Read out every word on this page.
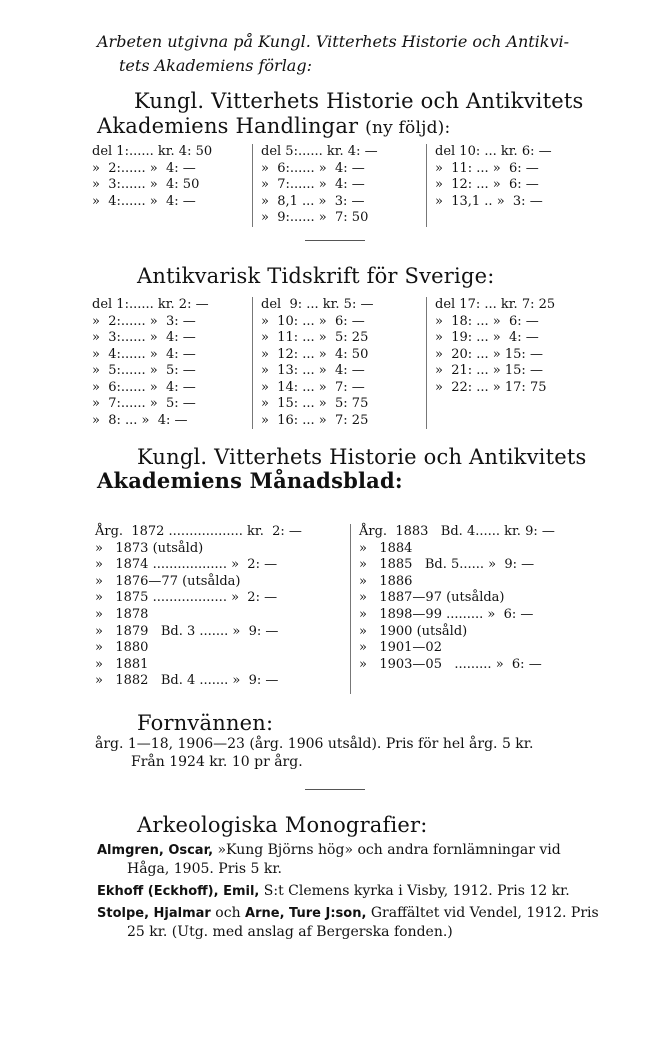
Arbeten utgivna på Kungl. Vitterhets Historie och Antikvi-
tets Akademiens förlag:
Kungl. Vitterhets Historie och Antikvitets
Akademiens Handlingar (ny följd):
del 1:...... kr. 4: 50
»  2:...... »  4: —
»  3:...... »  4: 50
»  4:...... »  4: —
del 5:...... kr. 4: —
»  6:...... »  4: —
»  7:...... »  4: —
»  8,1 ... »  3: —
»  9:...... »  7: 50
del 10: ... kr. 6: —
»  11: ... »  6: —
»  12: ... »  6: —
»  13,1 .. »  3: —
Antikvarisk Tidskrift för Sverige:
del 1:...... kr. 2: —
»  2:...... »  3: —
»  3:...... »  4: —
»  4:...... »  4: —
»  5:...... »  5: —
»  6:...... »  4: —
»  7:...... »  5: —
»  8: ... »  4: —
del  9: ... kr. 5: —
»  10: ... »  6: —
»  11: ... »  5: 25
»  12: ... »  4: 50
»  13: ... »  4: —
»  14: ... »  7: —
»  15: ... »  5: 75
»  16: ... »  7: 25
del 17: ... kr. 7: 25
»  18: ... »  6: —
»  19: ... »  4: —
»  20: ... » 15: —
»  21: ... » 15: —
»  22: ... » 17: 75
Kungl. Vitterhets Historie och Antikvitets
Akademiens Månadsblad:
Årg.  1872 .................. kr.  2: —
»   1873 (utsåld)
»   1874 .................. »  2: —
»   1876—77 (utsålda)
»   1875 .................. »  2: —
»   1878
»   1879   Bd. 3 ....... »  9: —
»   1880
»   1881
»   1882   Bd. 4 ....... »  9: —
Årg.  1883   Bd. 4...... kr. 9: —
»   1884
»   1885   Bd. 5...... »  9: —
»   1886
»   1887—97 (utsålda)
»   1898—99 ......... »  6: —
»   1900 (utsåld)
»   1901—02
»   1903—05   ......... »  6: —
Fornvännen:
årg. 1—18, 1906—23 (årg. 1906 utsåld). Pris för hel årg. 5 kr.
Från 1924 kr. 10 pr årg.
Arkeologiska Monografier:

Almgren, Oscar, »Kung Björns hög» och andra fornlämningar vid Håga, 1905. Pris 5 kr.

Ekhoff (Eckhoff), Emil, S:t Clemens kyrka i Visby, 1912. Pris 12 kr.

Stolpe, Hjalmar och Arne, Ture J:son, Graffältet vid Vendel, 1912. Pris 25 kr. (Utg. med anslag af Bergerska fonden.)
